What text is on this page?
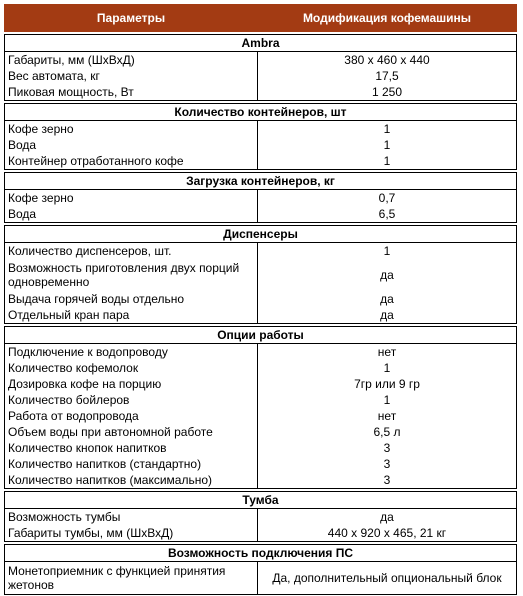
Параметры	Модификация кофемашины

Ambra	
Габариты, мм (ШхВхД)	380 х 460 х 440
Вес автомата, кг	17,5
Пиковая мощность, Вт	1 250

Количество контейнеров, шт	
Кофе зерно	1
Вода	1
Контейнер отработанного кофе	1

Загрузка контейнеров, кг	
Кофе зерно	0,7
Вода	6,5

Диспенсеры	
Количество диспенсеров, шт.	1
Возможность приготовления двух порций одновременно	да
Выдача горячей воды отдельно	да
Отдельный кран пара	да

Опции работы	
Подключение к водопроводу	нет
Количество кофемолок	1
Дозировка кофе на порцию	7гр или 9 гр
Количество бойлеров	1
Работа от водопровода	нет
Объем воды при автономной работе	6,5 л
Количество кнопок напитков	3
Количество напитков (стандартно)	3
Количество напитков (максимально)	3

Тумба	
Возможность тумбы	да
Габариты тумбы, мм (ШхВхД)	440 х 920 х 465, 21 кг

Возможность подключения ПС	
Монетоприемник с функцией принятия жетонов	Да, дополнительный опциональный блок
